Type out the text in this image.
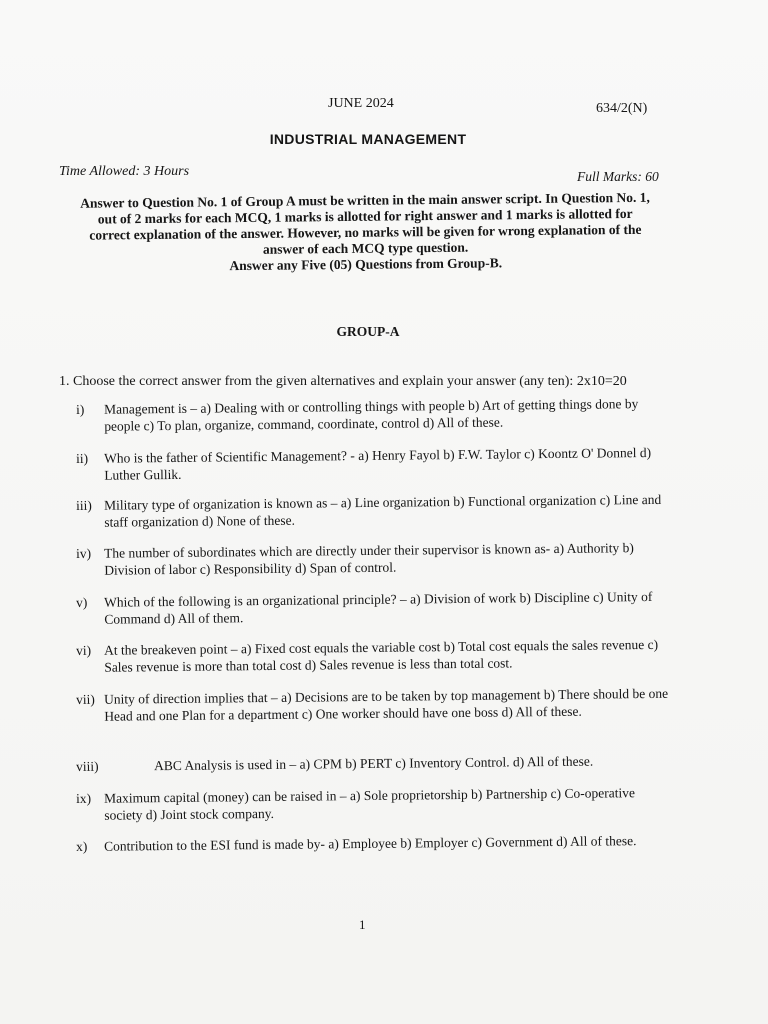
JUNE 2024	634/2(N)
INDUSTRIAL MANAGEMENT
Time Allowed: 3 Hours	Full Marks: 60
Answer to Question No. 1 of Group A must be written in the main answer script. In Question No. 1,
out of 2 marks for each MCQ, 1 marks is allotted for right answer and 1 marks is allotted for
correct explanation of the answer. However, no marks will be given for wrong explanation of the
answer of each MCQ type question.
Answer any Five (05) Questions from Group-B.
GROUP-A
1. Choose the correct answer from the given alternatives and explain your answer (any ten): 2x10=20
i)	Management is – a) Dealing with or controlling things with people b) Art of getting things done by people c) To plan, organize, command, coordinate, control d) All of these.
ii)	Who is the father of Scientific Management? - a) Henry Fayol b) F.W. Taylor c) Koontz O' Donnel d) Luther Gullik.
iii) Military type of organization is known as – a) Line organization b) Functional organization c) Line and staff organization d) None of these.
iv) The number of subordinates which are directly under their supervisor is known as- a) Authority b) Division of labor c) Responsibility d) Span of control.
v)	Which of the following is an organizational principle? – a) Division of work b) Discipline c) Unity of Command d) All of them.
vi) At the breakeven point – a) Fixed cost equals the variable cost b) Total cost equals the sales revenue c) Sales revenue is more than total cost d) Sales revenue is less than total cost.
vii) Unity of direction implies that – a) Decisions are to be taken by top management b) There should be one Head and one Plan for a department c) One worker should have one boss d) All of these.
viii)	ABC Analysis is used in – a) CPM b) PERT c) Inventory Control. d) All of these.
ix) Maximum capital (money) can be raised in – a) Sole proprietorship b) Partnership c) Co-operative society d) Joint stock company.
x)	Contribution to the ESI fund is made by- a) Employee b) Employer c) Government d) All of these.
1
